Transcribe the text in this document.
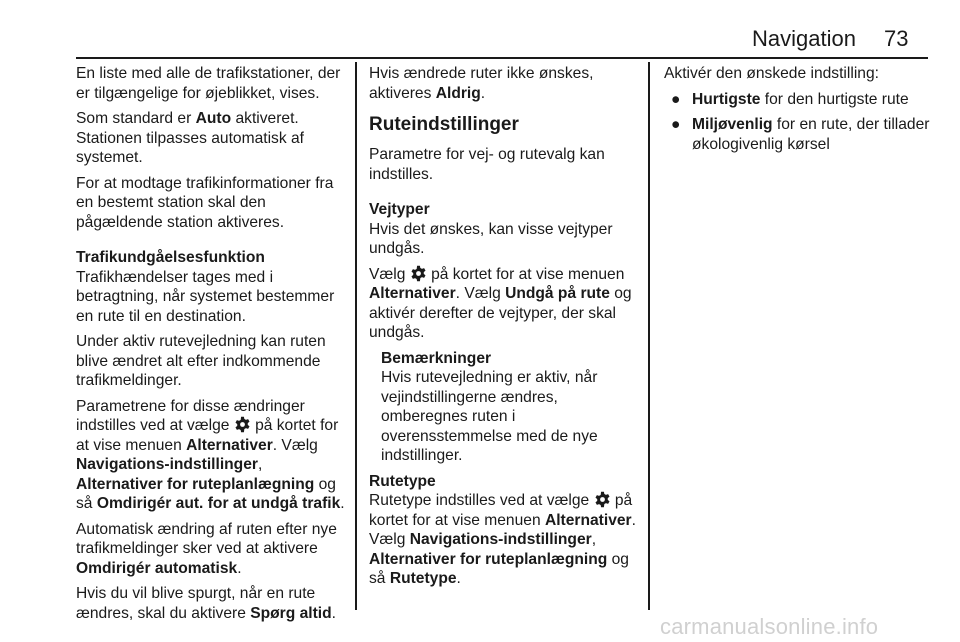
Navigation 73

En liste med alle de trafikstationer, der er tilgængelige for øjeblikket, vises.

Som standard er Auto aktiveret. Stationen tilpasses automatisk af systemet.

For at modtage trafikinformationer fra en bestemt station skal den pågældende station aktiveres.

Trafikundgåelsesfunktion

Trafikhændelser tages med i betragtning, når systemet bestemmer en rute til en destination.

Under aktiv rutevejledning kan ruten blive ændret alt efter indkommende trafikmeldinger.

Parametrene for disse ændringer indstilles ved at vælge  på kortet for at vise menuen Alternativer. Vælg Navigations-indstillinger, Alternativer for ruteplanlægning og så Omdirigér aut. for at undgå trafik.

Automatisk ændring af ruten efter nye trafikmeldinger sker ved at aktivere Omdirigér automatisk.

Hvis du vil blive spurgt, når en rute ændres, skal du aktivere Spørg altid.

Hvis ændrede ruter ikke ønskes, aktiveres Aldrig.

Ruteindstillinger

Parametre for vej- og rutevalg kan indstilles.

Vejtyper

Hvis det ønskes, kan visse vejtyper undgås.

Vælg  på kortet for at vise menuen Alternativer. Vælg Undgå på rute og aktivér derefter de vejtyper, der skal undgås.

Bemærkninger

Hvis rutevejledning er aktiv, når vejindstillingerne ændres, omberegnes ruten i overensstemmelse med de nye indstillinger.

Rutetype

Rutetype indstilles ved at vælge  på kortet for at vise menuen Alternativer. Vælg Navigations-indstillinger, Alternativer for ruteplanlægning og så Rutetype.

Aktivér den ønskede indstilling:

● Hurtigste for den hurtigste rute
● Miljøvenlig for en rute, der tillader økologivenlig kørsel
carmanualsonline.info
